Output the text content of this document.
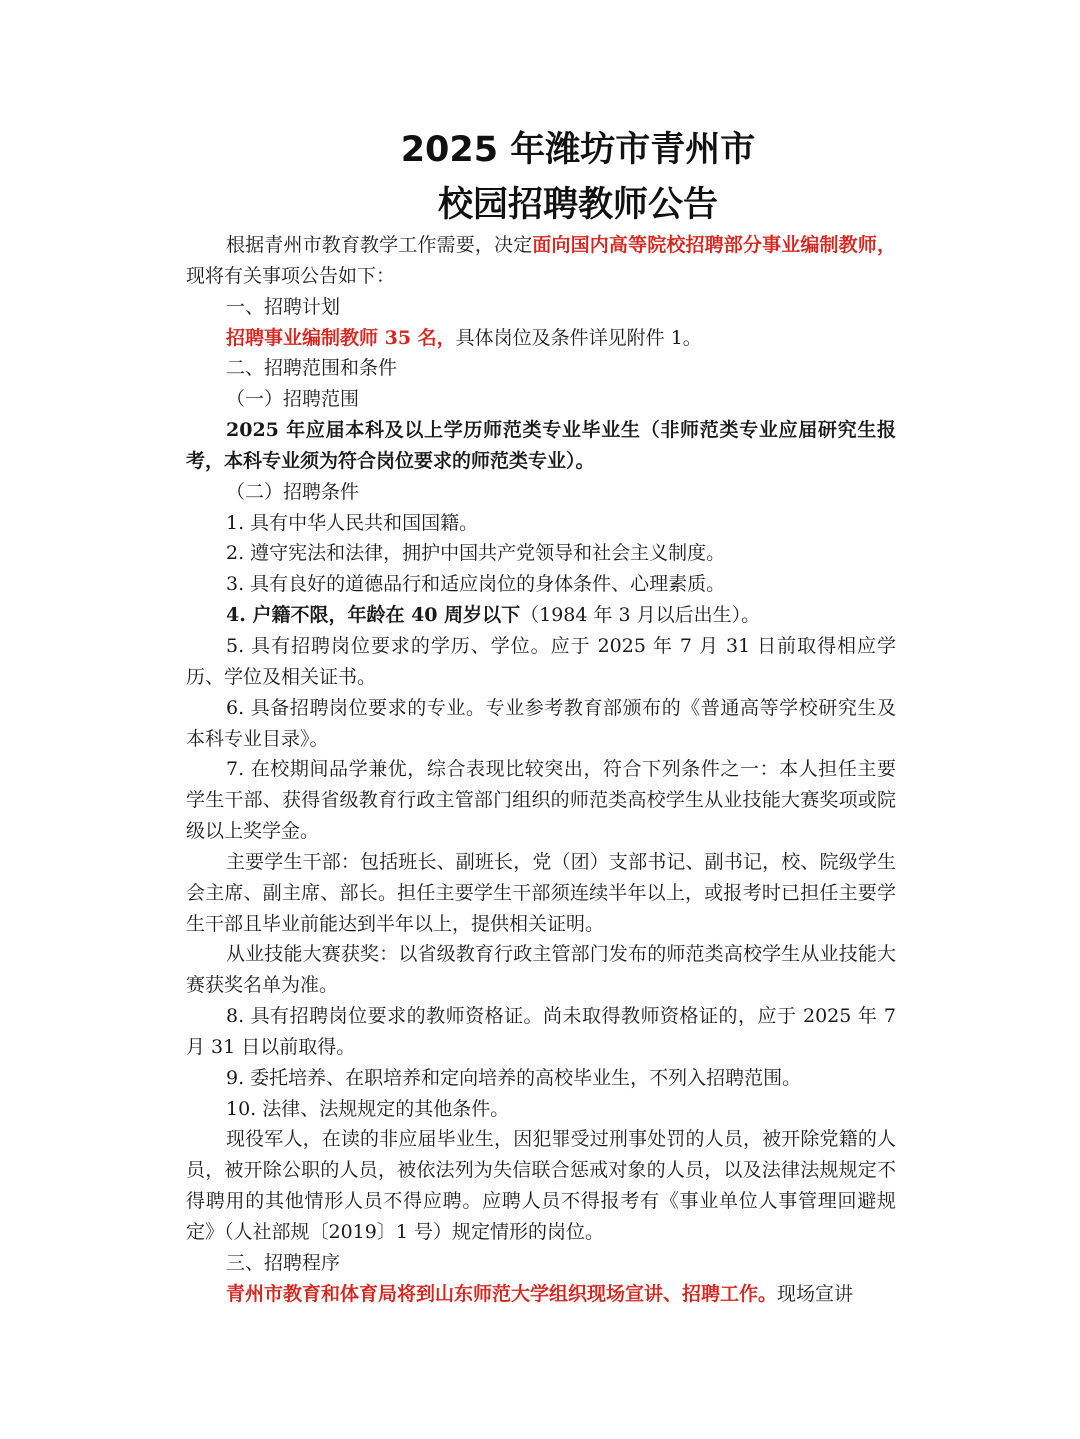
2025 年潍坊市青州市
校园招聘教师公告

根据青州市教育教学工作需要，决定面向国内高等院校招聘部分事业编制教师，现将有关事项公告如下：

一、招聘计划

招聘事业编制教师 35 名，具体岗位及条件详见附件 1。

二、招聘范围和条件

（一）招聘范围

2025 年应届本科及以上学历师范类专业毕业生（非师范类专业应届研究生报考，本科专业须为符合岗位要求的师范类专业）。

（二）招聘条件

1. 具有中华人民共和国国籍。

2. 遵守宪法和法律，拥护中国共产党领导和社会主义制度。

3. 具有良好的道德品行和适应岗位的身体条件、心理素质。

4. 户籍不限，年龄在 40 周岁以下（1984 年 3 月以后出生）。

5. 具有招聘岗位要求的学历、学位。应于 2025 年 7 月 31 日前取得相应学历、学位及相关证书。

6. 具备招聘岗位要求的专业。专业参考教育部颁布的《普通高等学校研究生及本科专业目录》。

7. 在校期间品学兼优，综合表现比较突出，符合下列条件之一：本人担任主要学生干部、获得省级教育行政主管部门组织的师范类高校学生从业技能大赛奖项或院级以上奖学金。

主要学生干部：包括班长、副班长，党（团）支部书记、副书记，校、院级学生会主席、副主席、部长。担任主要学生干部须连续半年以上，或报考时已担任主要学生干部且毕业前能达到半年以上，提供相关证明。

从业技能大赛获奖：以省级教育行政主管部门发布的师范类高校学生从业技能大赛获奖名单为准。

8. 具有招聘岗位要求的教师资格证。尚未取得教师资格证的，应于 2025 年 7 月 31 日以前取得。

9. 委托培养、在职培养和定向培养的高校毕业生，不列入招聘范围。

10. 法律、法规规定的其他条件。

现役军人，在读的非应届毕业生，因犯罪受过刑事处罚的人员，被开除党籍的人员，被开除公职的人员，被依法列为失信联合惩戒对象的人员，以及法律法规规定不得聘用的其他情形人员不得应聘。应聘人员不得报考有《事业单位人事管理回避规定》（人社部规〔2019〕1 号）规定情形的岗位。

三、招聘程序

青州市教育和体育局将到山东师范大学组织现场宣讲、招聘工作。现场宣讲
